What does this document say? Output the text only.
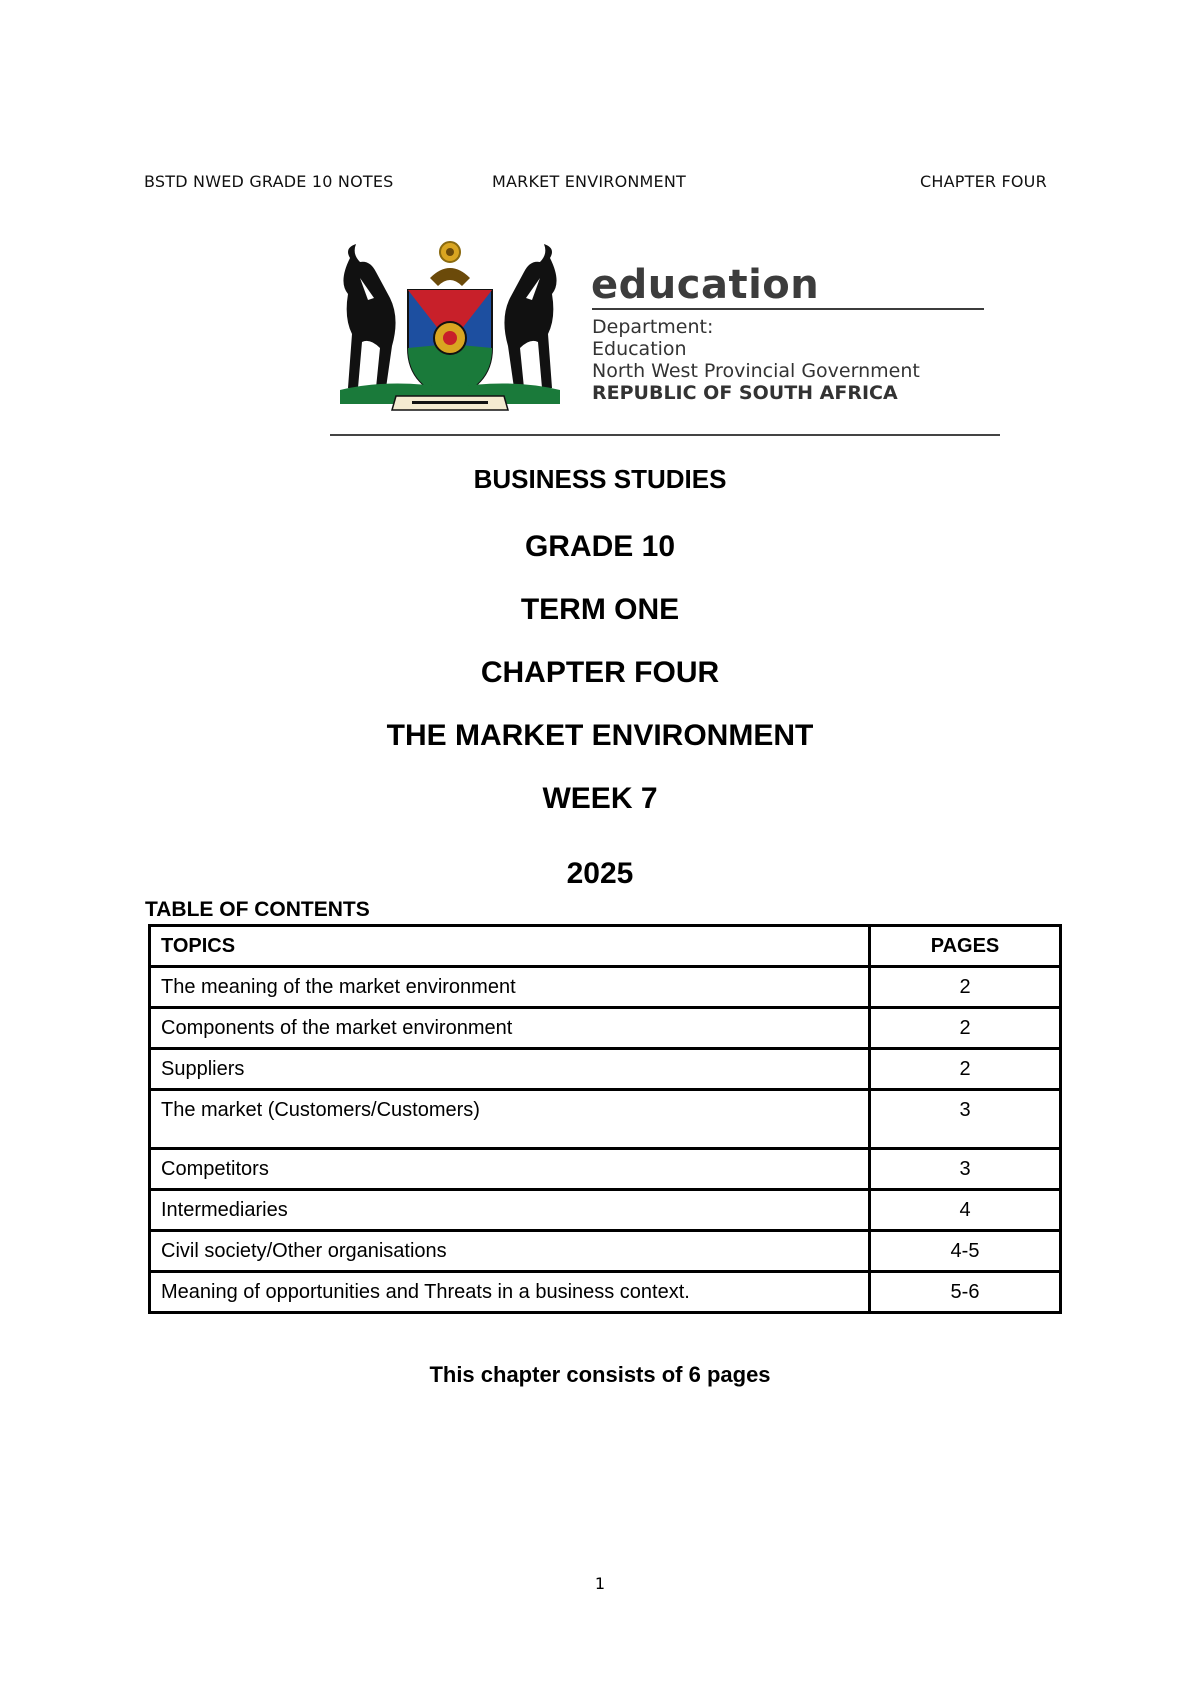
BSTD NWED GRADE 10 NOTES	MARKET ENVIRONMENT	CHAPTER FOUR
education
Department:
Education
North West Provincial Government
REPUBLIC OF SOUTH AFRICA
BUSINESS STUDIES
GRADE 10
TERM ONE
CHAPTER FOUR
THE MARKET ENVIRONMENT
WEEK 7
2025
TABLE OF CONTENTS
TOPICS	PAGES
The meaning of the market environment	2
Components of the market environment	2
Suppliers	2
The market (Customers/Customers)	3
Competitors	3
Intermediaries	4
Civil society/Other organisations	4-5
Meaning of opportunities and Threats in a business context.	5-6
This chapter consists of 6 pages
1
